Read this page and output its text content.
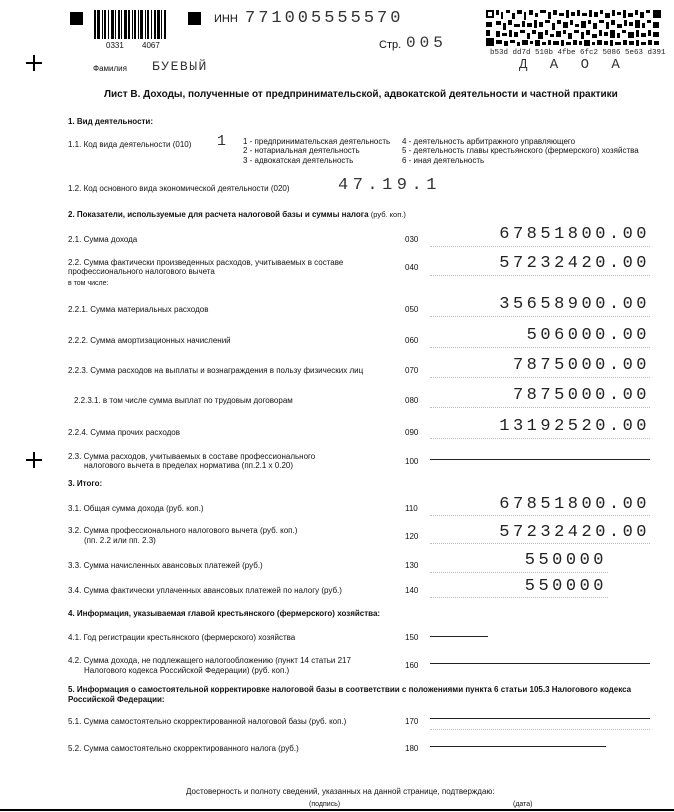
0331 4067
ИНН 771005555570
Стр. 005
b53d dd7d 510b 4fbe 6fc2 5086 5e63 d391
Д А О А
Фамилия БУЕВЫЙ
Лист В. Доходы, полученные от предпринимательской, адвокатской деятельности и частной практики
1. Вид деятельности:
1.1. Код вида деятельности (010) 1 1 - предпринимательская деятельность
2 - нотариальная деятельность
3 - адвокатская деятельность
4 - деятельность арбитражного управляющего
5 - деятельность главы крестьянского (фермерского) хозяйства
6 - иная деятельность
1.2. Код основного вида экономической деятельности (020)	47.19.1
2. Показатели, используемые для расчета налоговой базы и суммы налога (руб. коп.)
2.1. Сумма дохода	030	67851800.00
2.2. Сумма фактически произведенных расходов, учитываемых в составе
профессионального налогового вычета
в том числе:
040	57232420.00
2.2.1. Сумма материальных расходов	050	35658900.00
2.2.2. Сумма амортизационных начислений	060	506000.00
2.2.3. Сумма расходов на выплаты и вознаграждения в пользу физических лиц	070	7875000.00
2.2.3.1. в том числе сумма выплат по трудовым договорам	080	7875000.00
2.2.4. Сумма прочих расходов	090	13192520.00
2.3. Сумма расходов, учитываемых в составе профессионального
налогового вычета в пределах норматива (пп.2.1 x 0.20)	100
3. Итого:
3.1. Общая сумма дохода (руб. коп.)	110	67851800.00
3.2. Сумма профессионального налогового вычета (руб. коп.)
(пп. 2.2 или пп. 2.3)	120	57232420.00
3.3. Сумма начисленных авансовых платежей (руб.)	130	550000
3.4. Сумма фактически уплаченных авансовых платежей по налогу (руб.)	140	550000
4. Информация, указываемая главой крестьянского (фермерского) хозяйства:
4.1. Год регистрации крестьянского (фермерского) хозяйства	150
4.2. Сумма дохода, не подлежащего налогообложению (пункт 14 статьи 217
Налогового кодекса Российской Федерации) (руб. коп.)
160
5. Информация о самостоятельной корректировке налоговой базы в соответствии с положениями пункта 6 статьи 105.3 Налогового кодекса
Российской Федерации:
5.1. Сумма самостоятельно скорректированной налоговой базы (руб. коп.)	170
5.2. Сумма самостоятельно скорректированного налога (руб.)	180
Достоверность и полноту сведений, указанных на данной странице, подтверждаю:
(подпись)	(дата)
